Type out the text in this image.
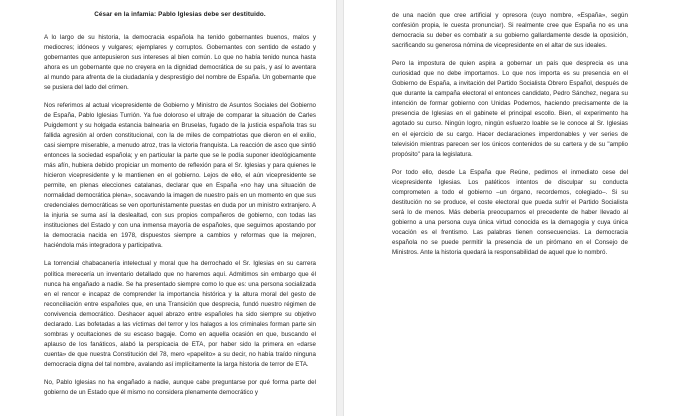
César en la infamia: Pablo Iglesias debe ser destituido.

A lo largo de su historia, la democracia española ha tenido gobernantes buenos, malos y mediocres; idóneos y vulgares; ejemplares y corruptos. Gobernantes con sentido de estado y gobernantes que antepusieron sus intereses al bien común. Lo que no había tenido nunca hasta ahora es un gobernante que no creyera en la dignidad democrática de su país, y así lo aventara al mundo para afrenta de la ciudadanía y desprestigio del nombre de España. Un gobernante que se pusiera del lado del crimen.

Nos referimos al actual vicepresidente de Gobierno y Ministro de Asuntos Sociales del Gobierno de España, Pablo Iglesias Turrión. Ya fue doloroso el ultraje de comparar la situación de Carles Puigdemont y su holgada estancia balnearia en Bruselas, fugado de la justicia española tras su fallida agresión al orden constitucional, con la de miles de compatriotas que dieron en el exilio, casi siempre miserable, a menudo atroz, tras la victoria franquista. La reacción de asco que sintió entonces la sociedad española; y en particular la parte que se le podía suponer ideológicamente más afín, hubiera debido propiciar un momento de reflexión para el Sr. Iglesias y para quienes le hicieron vicepresidente y le mantienen en el gobierno. Lejos de ello, el aún vicepresidente se permite, en plenas elecciones catalanas, declarar que en España «no hay una situación de normalidad democrática plena», socavando la imagen de nuestro país en un momento en que sus credenciales democráticas se ven oportunistamente puestas en duda por un ministro extranjero. A la injuria se suma así la deslealtad, con sus propios compañeros de gobierno, con todas las instituciones del Estado y con una inmensa mayoría de españoles, que seguimos apostando por la democracia nacida en 1978, dispuestos siempre a cambios y reformas que la mejoren, haciéndola más integradora y participativa.

La torrencial chabacanería intelectual y moral que ha derrochado el Sr. Iglesias en su carrera política merecería un inventario detallado que no haremos aquí. Admitimos sin embargo que él nunca ha engañado a nadie. Se ha presentado siempre como lo que es: una persona socializada en el rencor e incapaz de comprender la importancia histórica y la altura moral del gesto de reconciliación entre españoles que, en una Transición que desprecia, fundó nuestro régimen de convivencia democrático. Deshacer aquel abrazo entre españoles ha sido siempre su objetivo declarado. Las bofetadas a las víctimas del terror y los halagos a los criminales forman parte sin sombras y ocultaciones de su escaso bagaje. Como en aquella ocasión en que, buscando el aplauso de los fanáticos, alabó la perspicacia de ETA, por haber sido la primera en «darse cuenta» de que nuestra Constitución del 78, mero «papelito» a su decir, no había traído ninguna democracia digna del tal nombre, avalando así implícitamente la larga historia de terror de ETA.

No, Pablo Iglesias no ha engañado a nadie, aunque cabe preguntarse por qué forma parte del gobierno de un Estado que él mismo no considera plenamente democrático y

de una nación que cree artificial y opresora (cuyo nombre, «España», según confesión propia, le cuesta pronunciar). Si realmente cree que España no es una democracia su deber es combatir a su gobierno gallardamente desde la oposición, sacrificando su generosa nómina de vicepresidente en el altar de sus ideales.

Pero la impostura de quien aspira a gobernar un país que desprecia es una curiosidad que no debe importarnos. Lo que nos importa es su presencia en el Gobierno de España, a invitación del Partido Socialista Obrero Español, después de que durante la campaña electoral el entonces candidato, Pedro Sánchez, negara su intención de formar gobierno con Unidas Podemos, haciendo precisamente de la presencia de Iglesias en el gabinete el principal escollo. Bien, el experimento ha agotado su curso. Ningún logro, ningún esfuerzo loable se le conoce al Sr. Iglesias en el ejercicio de su cargo. Hacer declaraciones imperdonables y ver series de televisión mientras parecen ser los únicos contenidos de su cartera y de su "amplio propósito" para la legislatura.

Por todo ello, desde La España que Reúne, pedimos el inmediato cese del vicepresidente Iglesias. Los patéticos intentos de disculpar su conducta comprometen a todo el gobierno –un órgano, recordemos, colegiado–. Si su destitución no se produce, el coste electoral que pueda sufrir el Partido Socialista será lo de menos. Más debería preocuparnos el precedente de haber llevado al gobierno a una persona cuya única virtud conocida es la demagogia y cuya única vocación es el frentismo. Las palabras tienen consecuencias. La democracia española no se puede permitir la presencia de un pirómano en el Consejo de Ministros. Ante la historia quedará la responsabilidad de aquel que lo nombró.
